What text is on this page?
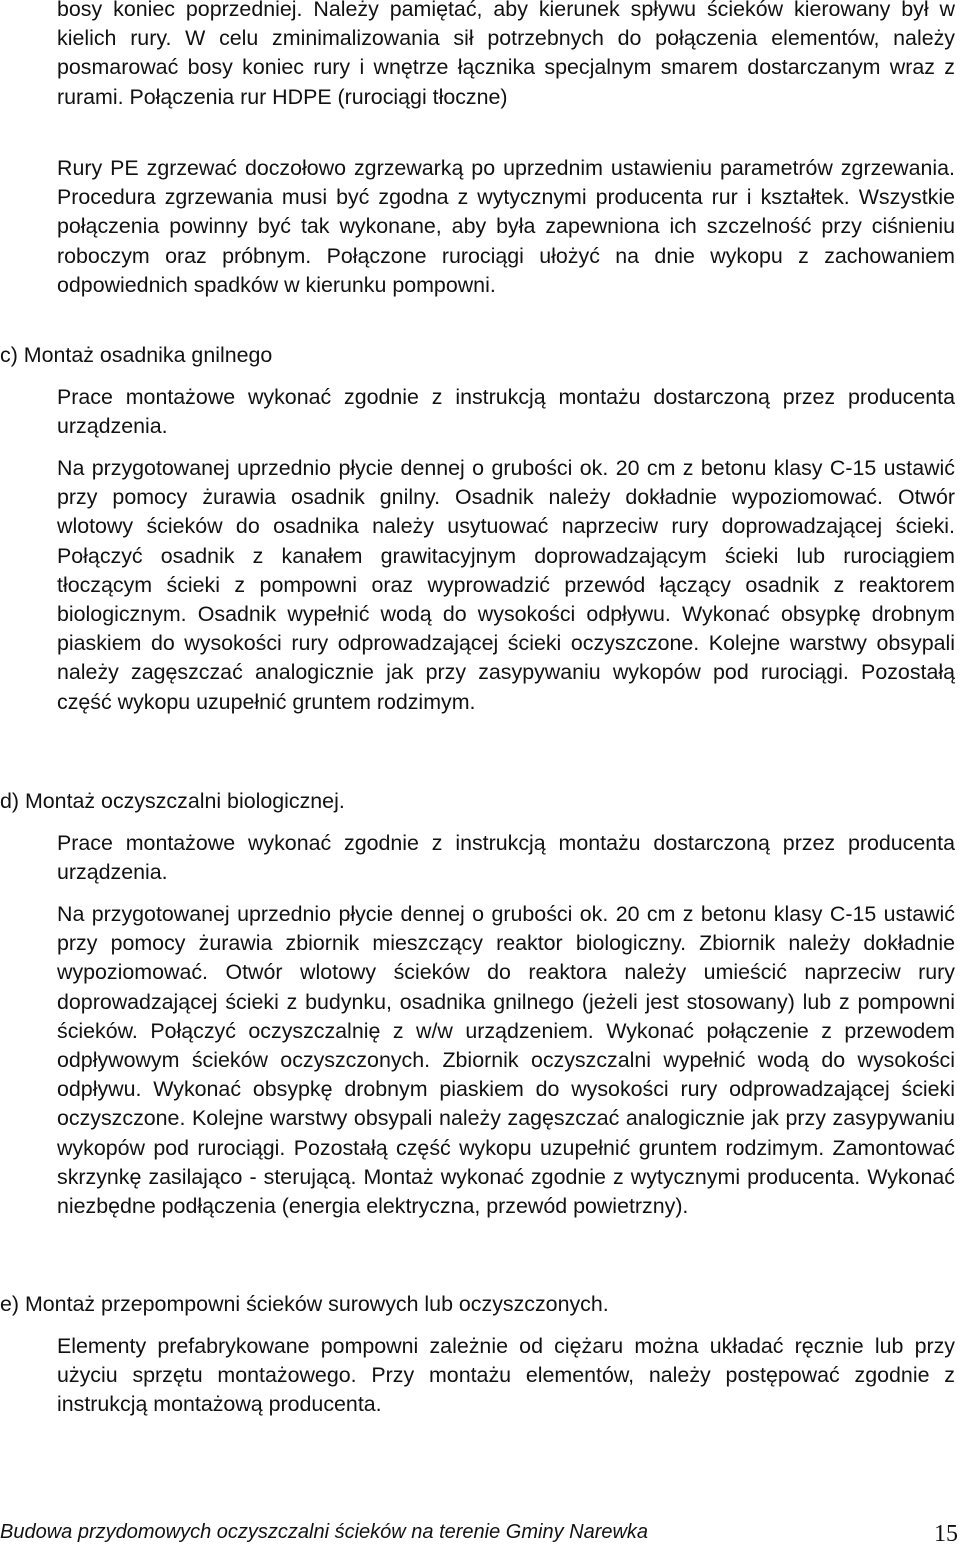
bosy koniec poprzedniej. Należy pamiętać, aby kierunek spływu ścieków kierowany był w kielich rury. W celu zminimalizowania sił potrzebnych do połączenia elementów, należy posmarować bosy koniec rury i wnętrze łącznika specjalnym smarem dostarczanym wraz z rurami. Połączenia rur HDPE (rurociągi tłoczne)

Rury PE zgrzewać doczołowo zgrzewarką po uprzednim ustawieniu parametrów zgrzewania. Procedura zgrzewania musi być zgodna z wytycznymi producenta rur i kształtek. Wszystkie połączenia powinny być tak wykonane, aby była zapewniona ich szczelność przy ciśnieniu roboczym oraz próbnym. Połączone rurociągi ułożyć na dnie wykopu z zachowaniem odpowiednich spadków w kierunku pompowni.

c) Montaż osadnika gnilnego

Prace montażowe wykonać zgodnie z instrukcją montażu dostarczoną przez producenta urządzenia.

Na przygotowanej uprzednio płycie dennej o grubości ok. 20 cm z betonu klasy C-15 ustawić przy pomocy żurawia osadnik gnilny. Osadnik należy dokładnie wypoziomować. Otwór wlotowy ścieków do osadnika należy usytuować naprzeciw rury doprowadzającej ścieki. Połączyć osadnik z kanałem grawitacyjnym doprowadzającym ścieki lub rurociągiem tłoczącym ścieki z pompowni oraz wyprowadzić przewód łączący osadnik z reaktorem biologicznym. Osadnik wypełnić wodą do wysokości odpływu. Wykonać obsypkę drobnym piaskiem do wysokości rury odprowadzającej ścieki oczyszczone. Kolejne warstwy obsypali należy zagęszczać analogicznie jak przy zasypywaniu wykopów pod rurociągi. Pozostałą część wykopu uzupełnić gruntem rodzimym.

d) Montaż oczyszczalni biologicznej.

Prace montażowe wykonać zgodnie z instrukcją montażu dostarczoną przez producenta urządzenia.

Na przygotowanej uprzednio płycie dennej o grubości ok. 20 cm z betonu klasy C-15 ustawić przy pomocy żurawia zbiornik mieszczący reaktor biologiczny. Zbiornik należy dokładnie wypoziomować. Otwór wlotowy ścieków do reaktora należy umieścić naprzeciw rury doprowadzającej ścieki z budynku, osadnika gnilnego (jeżeli jest stosowany) lub z pompowni ścieków. Połączyć oczyszczalnię z w/w urządzeniem. Wykonać połączenie z przewodem odpływowym ścieków oczyszczonych. Zbiornik oczyszczalni wypełnić wodą do wysokości odpływu. Wykonać obsypkę drobnym piaskiem do wysokości rury odprowadzającej ścieki oczyszczone. Kolejne warstwy obsypali należy zagęszczać analogicznie jak przy zasypywaniu wykopów pod rurociągi. Pozostałą część wykopu uzupełnić gruntem rodzimym. Zamontować skrzynkę zasilająco - sterującą. Montaż wykonać zgodnie z wytycznymi producenta. Wykonać niezbędne podłączenia (energia elektryczna, przewód powietrzny).

e) Montaż przepompowni ścieków surowych lub oczyszczonych.

Elementy prefabrykowane pompowni zależnie od ciężaru można układać ręcznie lub przy użyciu sprzętu montażowego. Przy montażu elementów, należy postępować zgodnie z instrukcją montażową producenta.

Budowa przydomowych oczyszczalni ścieków na terenie Gminy Narewka	15
